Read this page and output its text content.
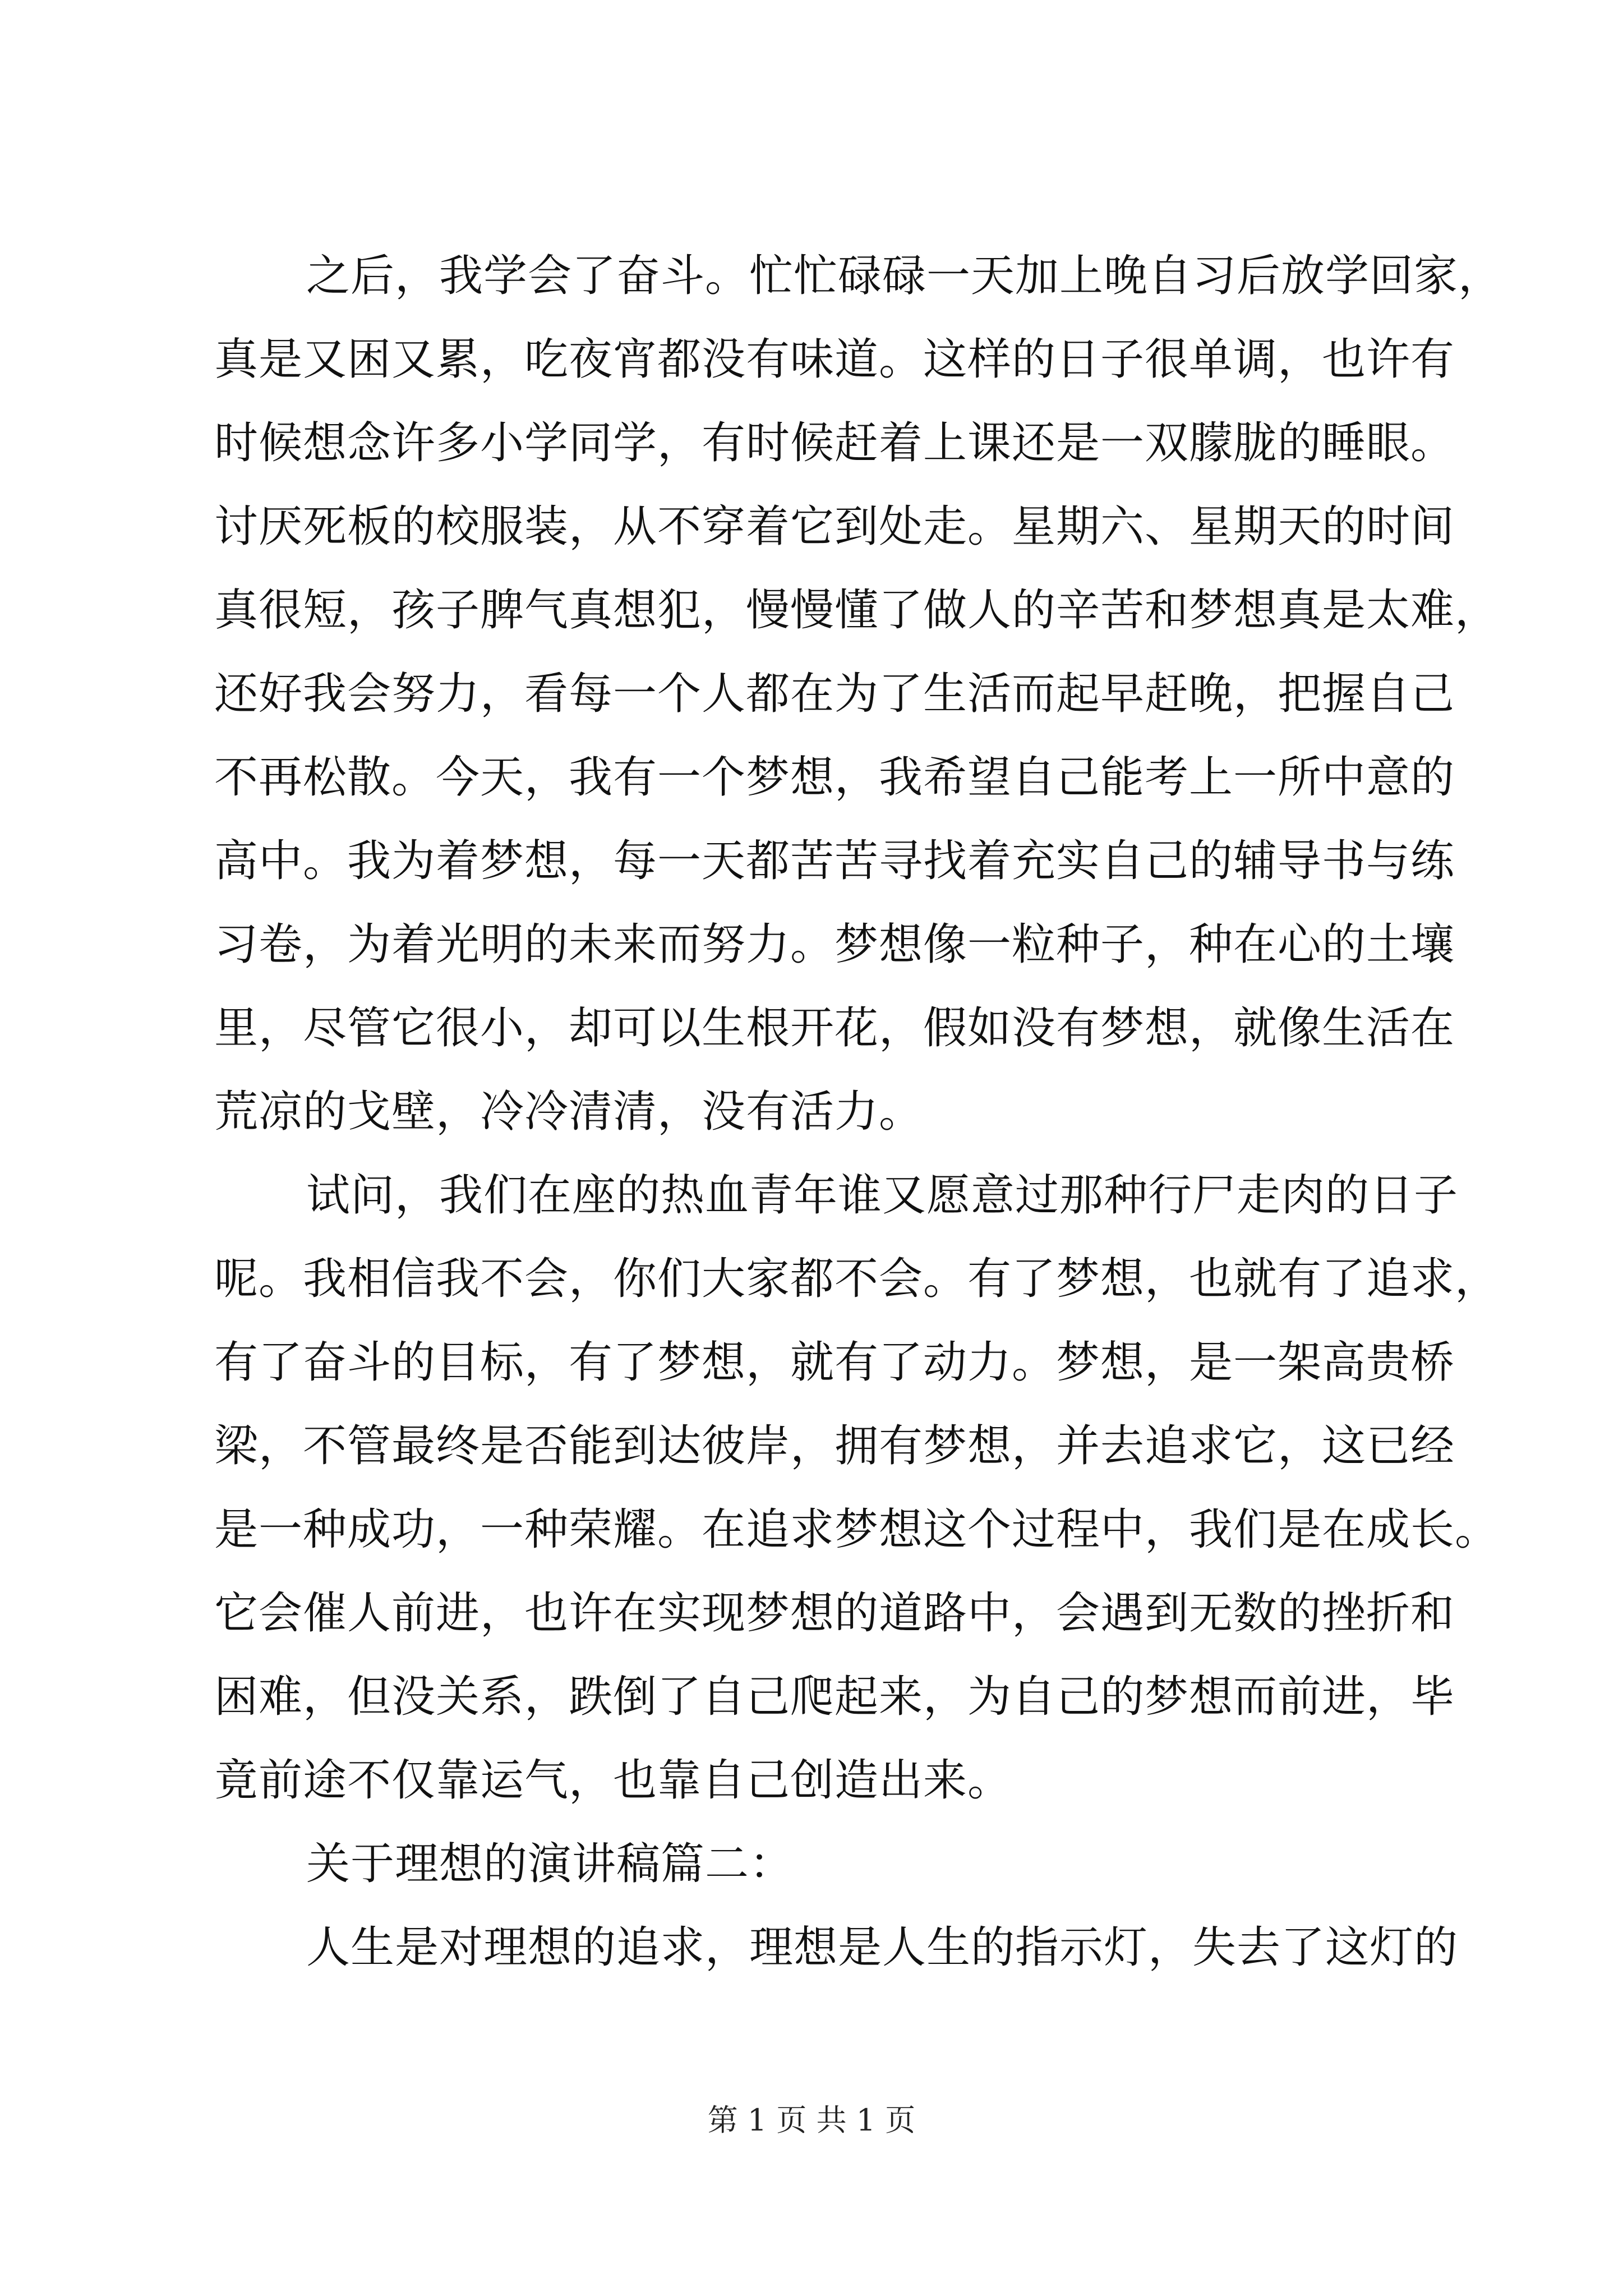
之后，我学会了奋斗。忙忙碌碌一天加上晚自习后放学回家，
真是又困又累，吃夜宵都没有味道。这样的日子很单调，也许有
时候想念许多小学同学，有时候赶着上课还是一双朦胧的睡眼。
讨厌死板的校服装，从不穿着它到处走。星期六、星期天的时间
真很短，孩子脾气真想犯，慢慢懂了做人的辛苦和梦想真是太难，
还好我会努力，看每一个人都在为了生活而起早赶晚，把握自己
不再松散。今天，我有一个梦想，我希望自己能考上一所中意的
高中。我为着梦想，每一天都苦苦寻找着充实自己的辅导书与练
习卷，为着光明的未来而努力。梦想像一粒种子，种在心的土壤
里，尽管它很小，却可以生根开花，假如没有梦想，就像生活在
荒凉的戈壁，冷冷清清，没有活力。
试问，我们在座的热血青年谁又愿意过那种行尸走肉的日子
呢。我相信我不会，你们大家都不会。有了梦想，也就有了追求，
有了奋斗的目标，有了梦想，就有了动力。梦想，是一架高贵桥
梁，不管最终是否能到达彼岸，拥有梦想，并去追求它，这已经
是一种成功，一种荣耀。在追求梦想这个过程中，我们是在成长。
它会催人前进，也许在实现梦想的道路中，会遇到无数的挫折和
困难，但没关系，跌倒了自己爬起来，为自己的梦想而前进，毕
竟前途不仅靠运气，也靠自己创造出来。
关于理想的演讲稿篇二：
人生是对理想的追求，理想是人生的指示灯，失去了这灯的
第 1 页 共 1 页
